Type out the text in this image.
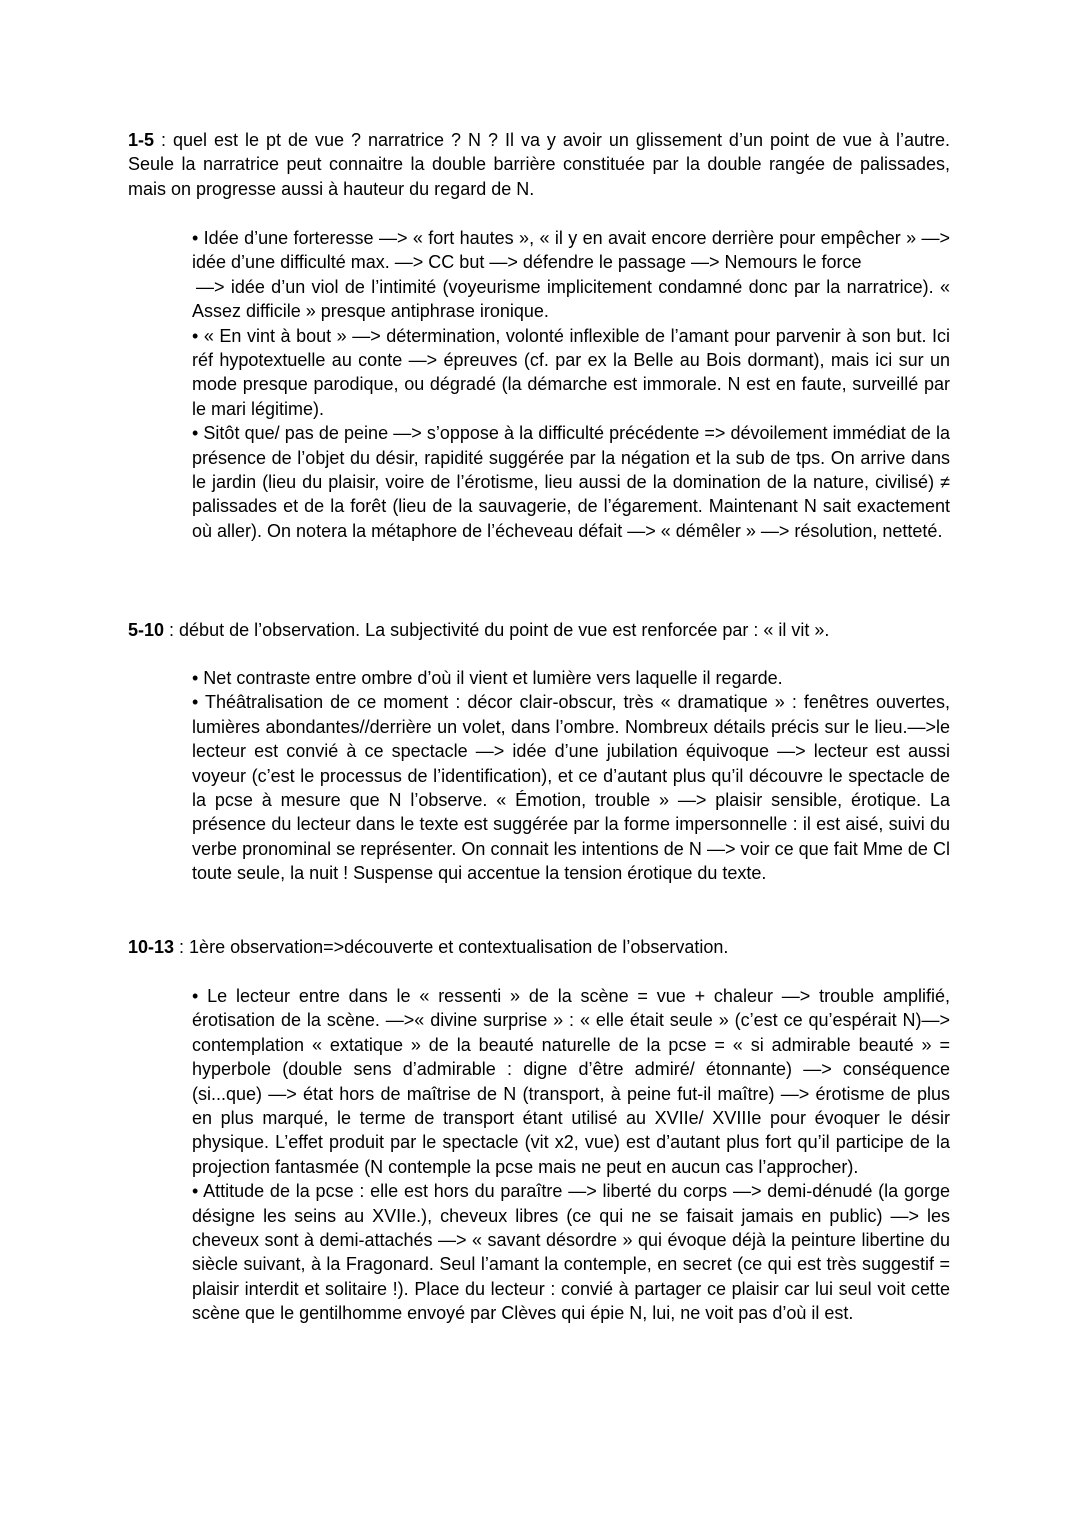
1-5 : quel est le pt de vue ? narratrice ? N ? Il va y avoir un glissement d’un point de vue à l’autre. Seule la narratrice peut connaitre la double barrière constituée par la double rangée de palissades, mais on progresse aussi à hauteur du regard de N.

• Idée d’une forteresse —> « fort hautes », « il y en avait encore derrière pour empêcher » —> idée d’une difficulté max. —> CC but —> défendre le passage —> Nemours le force

—> idée d’un viol de l’intimité (voyeurisme implicitement condamné donc par la narratrice). « Assez difficile » presque antiphrase ironique.

• « En vint à bout » —> détermination, volonté inflexible de l’amant pour parvenir à son but. Ici réf hypotextuelle au conte —> épreuves (cf. par ex la Belle au Bois dormant), mais ici sur un mode presque parodique, ou dégradé (la démarche est immorale. N est en faute, surveillé par le mari légitime).

• Sitôt que/ pas de peine —> s’oppose à la difficulté précédente => dévoilement immédiat de la présence de l’objet du désir, rapidité suggérée par la négation et la sub de tps. On arrive dans le jardin (lieu du plaisir, voire de l’érotisme, lieu aussi de la domination de la nature, civilisé) ≠ palissades et de la forêt (lieu de la sauvagerie, de l’égarement. Maintenant N sait exactement où aller). On notera la métaphore de l’écheveau défait —> « démêler » —> résolution, netteté.

5-10 : début de l’observation. La subjectivité du point de vue est renforcée par : « il vit ».

• Net contraste entre ombre d’où il vient et lumière vers laquelle il regarde.

• Théâtralisation de ce moment : décor clair-obscur, très « dramatique » : fenêtres ouvertes, lumières abondantes//derrière un volet, dans l’ombre. Nombreux détails précis sur le lieu.—>le lecteur est convié à ce spectacle —> idée d’une jubilation équivoque —> lecteur est aussi voyeur (c’est le processus de l’identification), et ce d’autant plus qu’il découvre le spectacle de la pcse à mesure que N l’observe. « Émotion, trouble » —> plaisir sensible, érotique. La présence du lecteur dans le texte est suggérée par la forme impersonnelle : il est aisé, suivi du verbe pronominal se représenter. On connait les intentions de N —> voir ce que fait Mme de Cl toute seule, la nuit ! Suspense qui accentue la tension érotique du texte.

10-13 : 1ère observation=>découverte et contextualisation de l’observation.

• Le lecteur entre dans le « ressenti » de la scène = vue + chaleur —> trouble amplifié, érotisation de la scène. —>« divine surprise » : « elle était seule » (c’est ce qu’espérait N)—> contemplation « extatique » de la beauté naturelle de la pcse = « si admirable beauté » = hyperbole (double sens d’admirable : digne d’être admiré/ étonnante) —> conséquence (si...que) —> état hors de maîtrise de N (transport, à peine fut-il maître) —> érotisme de plus en plus marqué, le terme de transport étant utilisé au XVIIe/ XVIIIe pour évoquer le désir physique. L’effet produit par le spectacle (vit x2, vue) est d’autant plus fort qu’il participe de la projection fantasmée (N contemple la pcse mais ne peut en aucun cas l’approcher).

• Attitude de la pcse : elle est hors du paraître —> liberté du corps —> demi-dénudé (la gorge désigne les seins au XVIIe.), cheveux libres (ce qui ne se faisait jamais en public) —> les cheveux sont à demi-attachés —> « savant désordre » qui évoque déjà la peinture libertine du siècle suivant, à la Fragonard. Seul l’amant la contemple, en secret (ce qui est très suggestif = plaisir interdit et solitaire !). Place du lecteur : convié à partager ce plaisir car lui seul voit cette scène que le gentilhomme envoyé par Clèves qui épie N, lui, ne voit pas d’où il est.
